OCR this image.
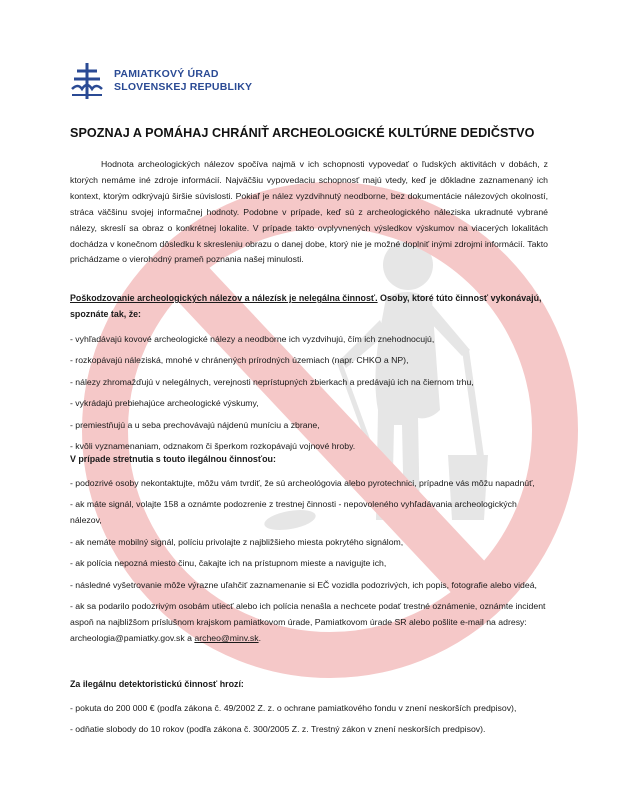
PAMIATKOVÝ ÚRAD
SLOVENSKEJ REPUBLIKY
SPOZNAJ A POMÁHAJ CHRÁNIŤ ARCHEOLOGICKÉ KULTÚRNE DEDIČSTVO

Hodnota archeologických nálezov spočíva najmä v ich schopnosti vypovedať o ľudských aktivitách v dobách, z ktorých nemáme iné zdroje informácií. Najväčšiu vypovedaciu schopnosť majú vtedy, keď je dôkladne zaznamenaný ich kontext, ktorým odkrývajú širšie súvislosti. Pokiaľ je nález vyzdvihnutý neodborne, bez dokumentácie nálezových okolností, stráca väčšinu svojej informačnej hodnoty. Podobne v prípade, keď sú z archeologického náleziska ukradnuté vybrané nálezy, skreslí sa obraz o konkrétnej lokalite. V prípade takto ovplyvnených výsledkov výskumov na viacerých lokalitách dochádza v konečnom dôsledku k skresleniu obrazu o danej dobe, ktorý nie je možné doplniť inými zdrojmi informácií. Takto prichádzame o vierohodný prameň poznania našej minulosti.

Poškodzovanie archeologických nálezov a nálezísk je nelegálna činnosť. Osoby, ktoré túto činnosť vykonávajú, spoznáte tak, že:

- vyhľadávajú kovové archeologické nálezy a neodborne ich vyzdvihujú, čím ich znehodnocujú,
- rozkopávajú náleziská, mnohé v chránených prírodných územiach (napr. CHKO a NP),
- nálezy zhromažďujú v nelegálnych, verejnosti neprístupných zbierkach a predávajú ich na čiernom trhu,
- vykrádajú prebiehajúce archeologické výskumy,
- premiestňujú a u seba prechovávajú nájdenú muníciu a zbrane,
- kvôli vyznamenaniam, odznakom či šperkom rozkopávajú vojnové hroby.

V prípade stretnutia s touto ilegálnou činnosťou:

- podozrivé osoby nekontaktujte, môžu vám tvrdiť, že sú archeológovia alebo pyrotechnici, prípadne vás môžu napadnúť,
- ak máte signál, volajte 158 a oznámte podozrenie z trestnej činnosti - nepovoleného vyhľadávania archeologických nálezov,
- ak nemáte mobilný signál, políciu privolajte z najbližšieho miesta pokrytého signálom,
- ak polícia nepozná miesto činu, čakajte ich na prístupnom mieste a navigujte ich,
- následné vyšetrovanie môže výrazne uľahčiť zaznamenanie si EČ vozidla podozrivých, ich popis, fotografie alebo videá,
- ak sa podarilo podozrivým osobám utiecť alebo ich polícia nenašla a nechcete podať trestné oznámenie, oznámte incident aspoň na najbližšom príslušnom krajskom pamiatkovom úrade, Pamiatkovom úrade SR alebo pošlite e-mail na adresy: archeologia@pamiatky.gov.sk a archeo@minv.sk.

Za ilegálnu detektoristickú činnosť hrozí:

- pokuta do 200 000 € (podľa zákona č. 49/2002 Z. z. o ochrane pamiatkového fondu v znení neskorších predpisov),
- odňatie slobody do 10 rokov (podľa zákona č. 300/2005 Z. z. Trestný zákon v znení neskorších predpisov).
